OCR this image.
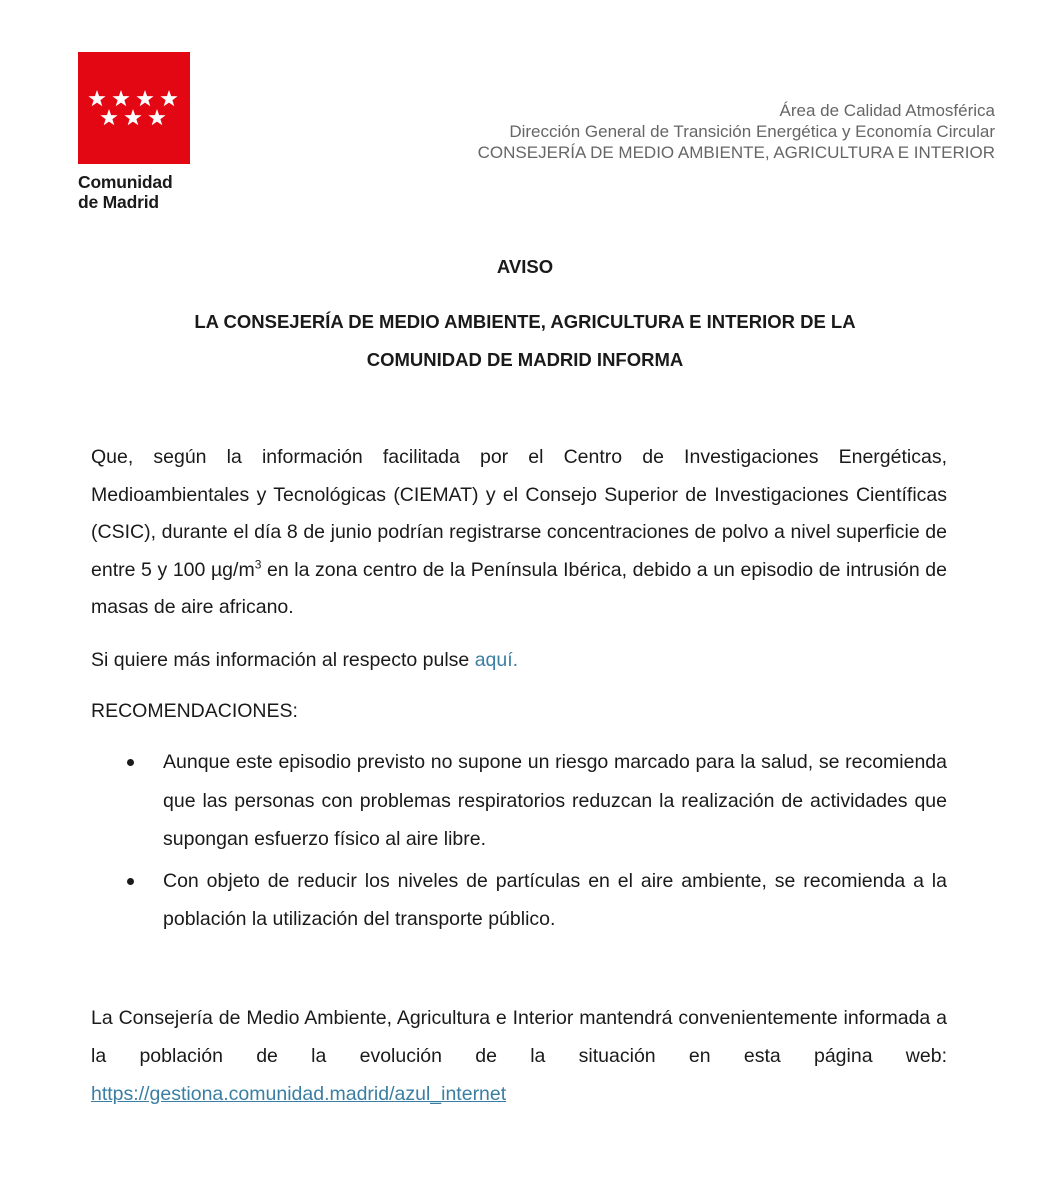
Comunidad
de Madrid
Área de Calidad Atmosférica
Dirección General de Transición Energética y Economía Circular
CONSEJERÍA DE MEDIO AMBIENTE, AGRICULTURA E INTERIOR
AVISO
LA CONSEJERÍA DE MEDIO AMBIENTE, AGRICULTURA E INTERIOR DE LA
COMUNIDAD DE MADRID INFORMA
Que, según la información facilitada por el Centro de Investigaciones Energéticas, Medioambientales y Tecnológicas (CIEMAT) y el Consejo Superior de Investigaciones Científicas (CSIC), durante el día 8 de junio podrían registrarse concentraciones de polvo a nivel superficie de entre 5 y 100 $\mu g/m^3$ en la zona centro de la Península Ibérica, debido a un episodio de intrusión de masas de aire africano.
Si quiere más información al respecto pulse aquí.
RECOMENDACIONES:
Aunque este episodio previsto no supone un riesgo marcado para la salud, se recomienda que las personas con problemas respiratorios reduzcan la realización de actividades que supongan esfuerzo físico al aire libre.
Con objeto de reducir los niveles de partículas en el aire ambiente, se recomienda a la población la utilización del transporte público.
La Consejería de Medio Ambiente, Agricultura e Interior mantendrá convenientemente informada a la población de la evolución de la situación en esta página web: https://gestiona.comunidad.madrid/azul_internet
